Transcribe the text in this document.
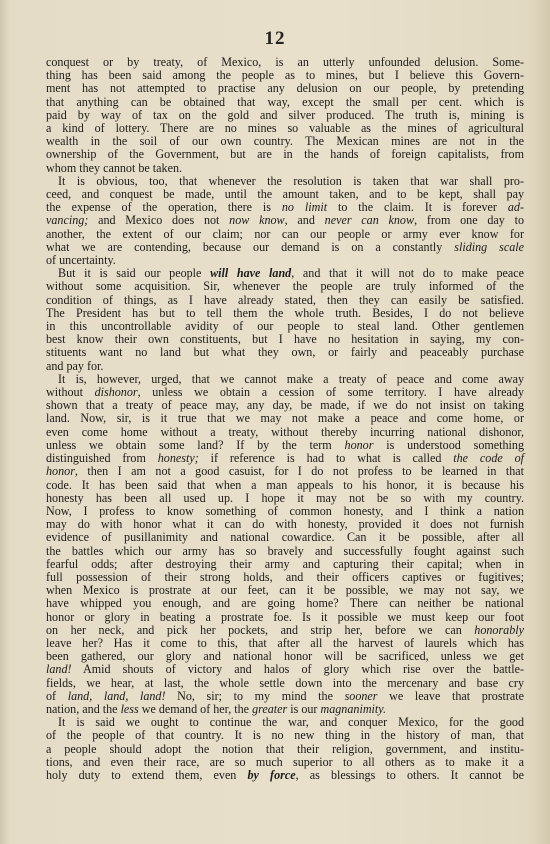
12
conquest or by treaty, of Mexico, is an utterly unfounded delusion. Some-
thing has been said among the people as to mines, but I believe this Govern-
ment has not attempted to practise any delusion on our people, by pretending
that anything can be obtained that way, except the small per cent. which is
paid by way of tax on the gold and silver produced. The truth is, mining is
a kind of lottery. There are no mines so valuable as the mines of agricultural
wealth in the soil of our own country. The Mexican mines are not in the
ownership of the Government, but are in the hands of foreign capitalists, from
whom they cannot be taken.
It is obvious, too, that whenever the resolution is taken that war shall pro-
ceed, and conquest be made, until the amount taken, and to be kept, shall pay
the expense of the operation, there is no limit to the claim. It is forever ad-
vancing; and Mexico does not now know, and never can know, from one day to
another, the extent of our claim; nor can our people or army ever know for
what we are contending, because our demand is on a constantly sliding scale
of uncertainty.
But it is said our people will have land, and that it will not do to make peace
without some acquisition. Sir, whenever the people are truly informed of the
condition of things, as I have already stated, then they can easily be satisfied.
The President has but to tell them the whole truth. Besides, I do not believe
in this uncontrollable avidity of our people to steal land. Other gentlemen
best know their own constituents, but I have no hesitation in saying, my con-
stituents want no land but what they own, or fairly and peaceably purchase
and pay for.
It is, however, urged, that we cannot make a treaty of peace and come away
without dishonor, unless we obtain a cession of some territory. I have already
shown that a treaty of peace may, any day, be made, if we do not insist on taking
land. Now, sir, is it true that we may not make a peace and come home, or
even come home without a treaty, without thereby incurring national dishonor,
unless we obtain some land? If by the term honor is understood something
distinguished from honesty; if reference is had to what is called the code of
honor, then I am not a good casuist, for I do not profess to be learned in that
code. It has been said that when a man appeals to his honor, it is because his
honesty has been all used up. I hope it may not be so with my country.
Now, I profess to know something of common honesty, and I think a nation
may do with honor what it can do with honesty, provided it does not furnish
evidence of pusillanimity and national cowardice. Can it be possible, after all
the battles which our army has so bravely and successfully fought against such
fearful odds; after destroying their army and capturing their capital; when in
full possession of their strong holds, and their officers captives or fugitives;
when Mexico is prostrate at our feet, can it be possible, we may not say, we
have whipped you enough, and are going home? There can neither be national
honor or glory in beating a prostrate foe. Is it possible we must keep our foot
on her neck, and pick her pockets, and strip her, before we can honorably
leave her? Has it come to this, that after all the harvest of laurels which has
been gathered, our glory and national honor will be sacrificed, unless we get
land! Amid shouts of victory and halos of glory which rise over the battle-
fields, we hear, at last, the whole settle down into the mercenary and base cry
of land, land, land! No, sir; to my mind the sooner we leave that prostrate
nation, and the less we demand of her, the greater is our magnanimity.
It is said we ought to continue the war, and conquer Mexico, for the good
of the people of that country. It is no new thing in the history of man, that
a people should adopt the notion that their religion, government, and institu-
tions, and even their race, are so much superior to all others as to make it a
holy duty to extend them, even by force, as blessings to others. It cannot be
